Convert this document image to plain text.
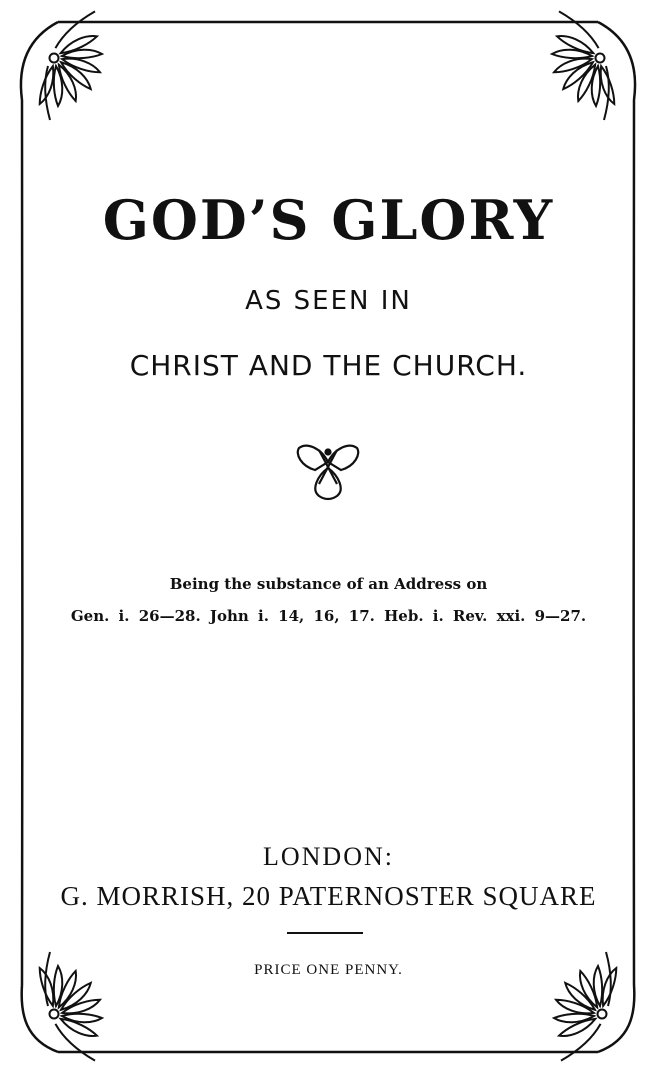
GOD’S GLORY
AS SEEN IN
CHRIST AND THE CHURCH.
Being the substance of an Address on
Gen. i. 26—28. John i. 14, 16, 17. Heb. i. Rev. xxi. 9—27.
LONDON:
G. MORRISH, 20 PATERNOSTER SQUARE
PRICE ONE PENNY.
